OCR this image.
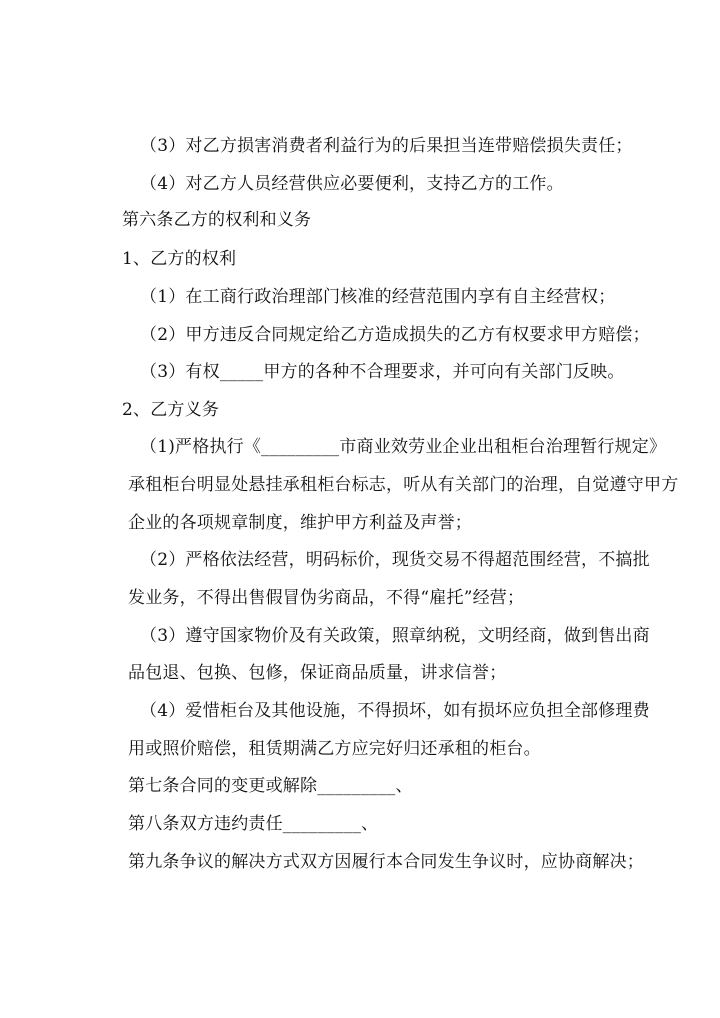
（3）对乙方损害消费者利益行为的后果担当连带赔偿损失责任；
（4）对乙方人员经营供应必要便利，支持乙方的工作。
第六条乙方的权利和义务
1、乙方的权利
（1）在工商行政治理部门核准的经营范围内享有自主经营权；
（2）甲方违反合同规定给乙方造成损失的乙方有权要求甲方赔偿；
（3）有权_____甲方的各种不合理要求，并可向有关部门反映。
2、乙方义务
（1)严格执行《_________市商业效劳业企业出租柜台治理暂行规定》
承租柜台明显处悬挂承租柜台标志，听从有关部门的治理，自觉遵守甲方
企业的各项规章制度，维护甲方利益及声誉；
（2）严格依法经营，明码标价，现货交易不得超范围经营，不搞批
发业务，不得出售假冒伪劣商品，不得“雇托”经营；
（3）遵守国家物价及有关政策，照章纳税，文明经商，做到售出商
品包退、包换、包修，保证商品质量，讲求信誉；
（4）爱惜柜台及其他设施，不得损坏，如有损坏应负担全部修理费
用或照价赔偿，租赁期满乙方应完好归还承租的柜台。
第七条合同的变更或解除_________、
第八条双方违约责任_________、
第九条争议的解决方式双方因履行本合同发生争议时，应协商解决；
